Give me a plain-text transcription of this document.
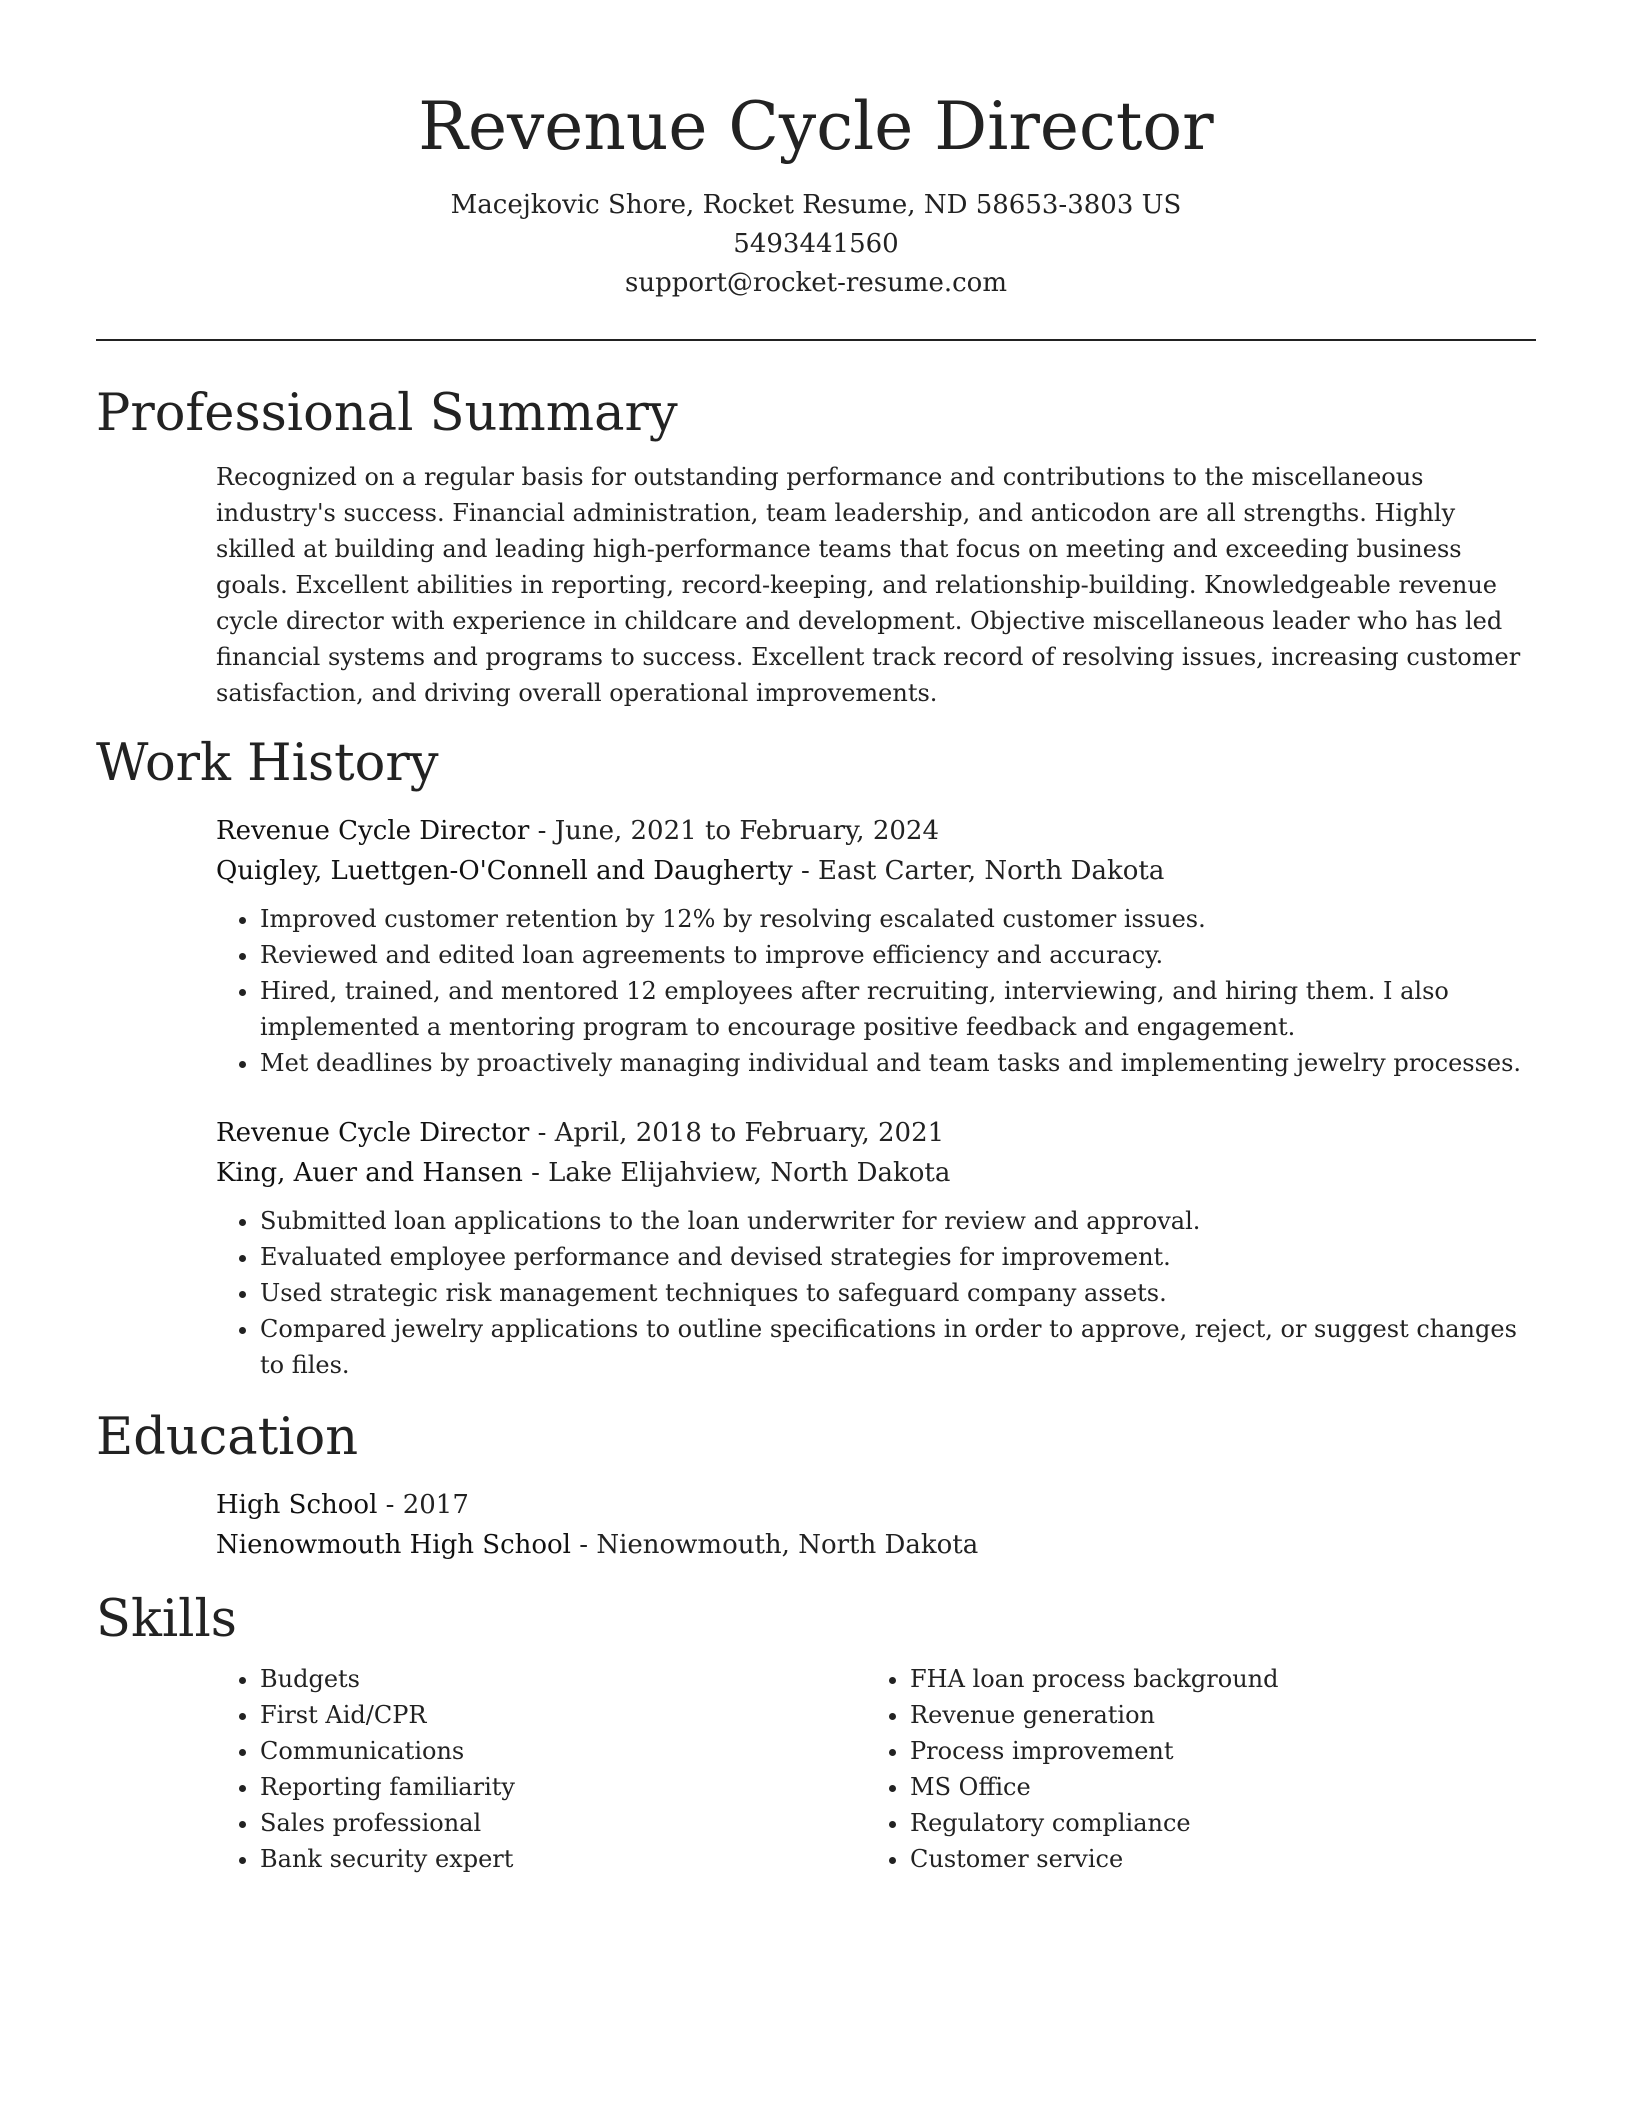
Revenue Cycle Director

Macejkovic Shore, Rocket Resume, ND 58653-3803 US

5493441560

support@rocket-resume.com

Professional Summary

Recognized on a regular basis for outstanding performance and contributions to the miscellaneous industry's success. Financial administration, team leadership, and anticodon are all strengths. Highly skilled at building and leading high-performance teams that focus on meeting and exceeding business goals. Excellent abilities in reporting, record-keeping, and relationship-building. Knowledgeable revenue cycle director with experience in childcare and development. Objective miscellaneous leader who has led financial systems and programs to success. Excellent track record of resolving issues, increasing customer satisfaction, and driving overall operational improvements.

Work History

Revenue Cycle Director - June, 2021 to February, 2024

Quigley, Luettgen-O'Connell and Daugherty - East Carter, North Dakota

• Improved customer retention by 12% by resolving escalated customer issues.
• Reviewed and edited loan agreements to improve efficiency and accuracy.
• Hired, trained, and mentored 12 employees after recruiting, interviewing, and hiring them. I also implemented a mentoring program to encourage positive feedback and engagement.
• Met deadlines by proactively managing individual and team tasks and implementing jewelry processes.

Revenue Cycle Director - April, 2018 to February, 2021

King, Auer and Hansen - Lake Elijahview, North Dakota

• Submitted loan applications to the loan underwriter for review and approval.
• Evaluated employee performance and devised strategies for improvement.
• Used strategic risk management techniques to safeguard company assets.
• Compared jewelry applications to outline specifications in order to approve, reject, or suggest changes to files.
Education

High School - 2017

Nienowmouth High School - Nienowmouth, North Dakota

Skills
• Budgets
• First Aid/CPR
• Communications
• Reporting familiarity
• Sales professional
• Bank security expert
• FHA loan process background
• Revenue generation
• Process improvement
• MS Office
• Regulatory compliance
• Customer service
